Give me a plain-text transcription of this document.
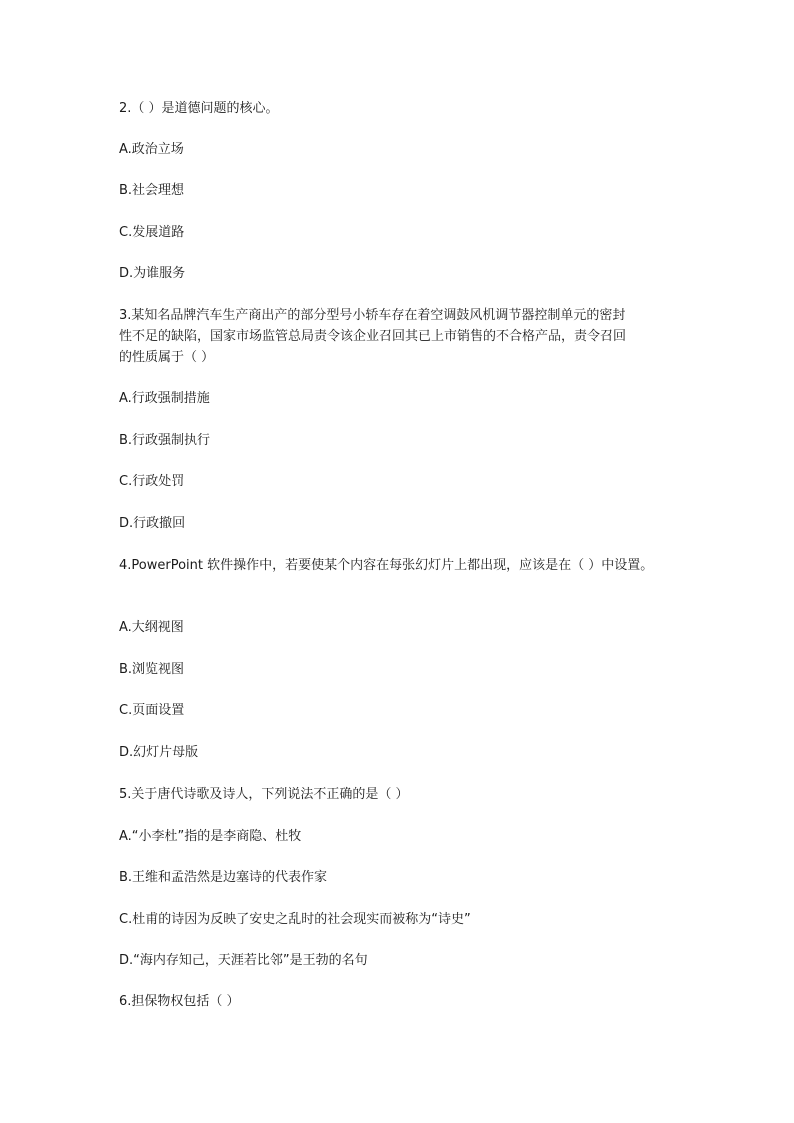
2.（ ）是道德问题的核心。
A.政治立场
B.社会理想
C.发展道路
D.为谁服务
3.某知名品牌汽车生产商出产的部分型号小轿车存在着空调鼓风机调节器控制单元的密封
性不足的缺陷，国家市场监管总局责令该企业召回其已上市销售的不合格产品，责令召回
的性质属于（ ）
A.行政强制措施
B.行政强制执行
C.行政处罚
D.行政撤回
4.PowerPoint 软件操作中，若要使某个内容在每张幻灯片上都出现，应该是在（ ）中设置。
A.大纲视图
B.浏览视图
C.页面设置
D.幻灯片母版
5.关于唐代诗歌及诗人，下列说法不正确的是（ ）
A.“小李杜”指的是李商隐、杜牧
B.王维和孟浩然是边塞诗的代表作家
C.杜甫的诗因为反映了安史之乱时的社会现实而被称为“诗史”
D.“海内存知己，天涯若比邻”是王勃的名句
6.担保物权包括（ ）
